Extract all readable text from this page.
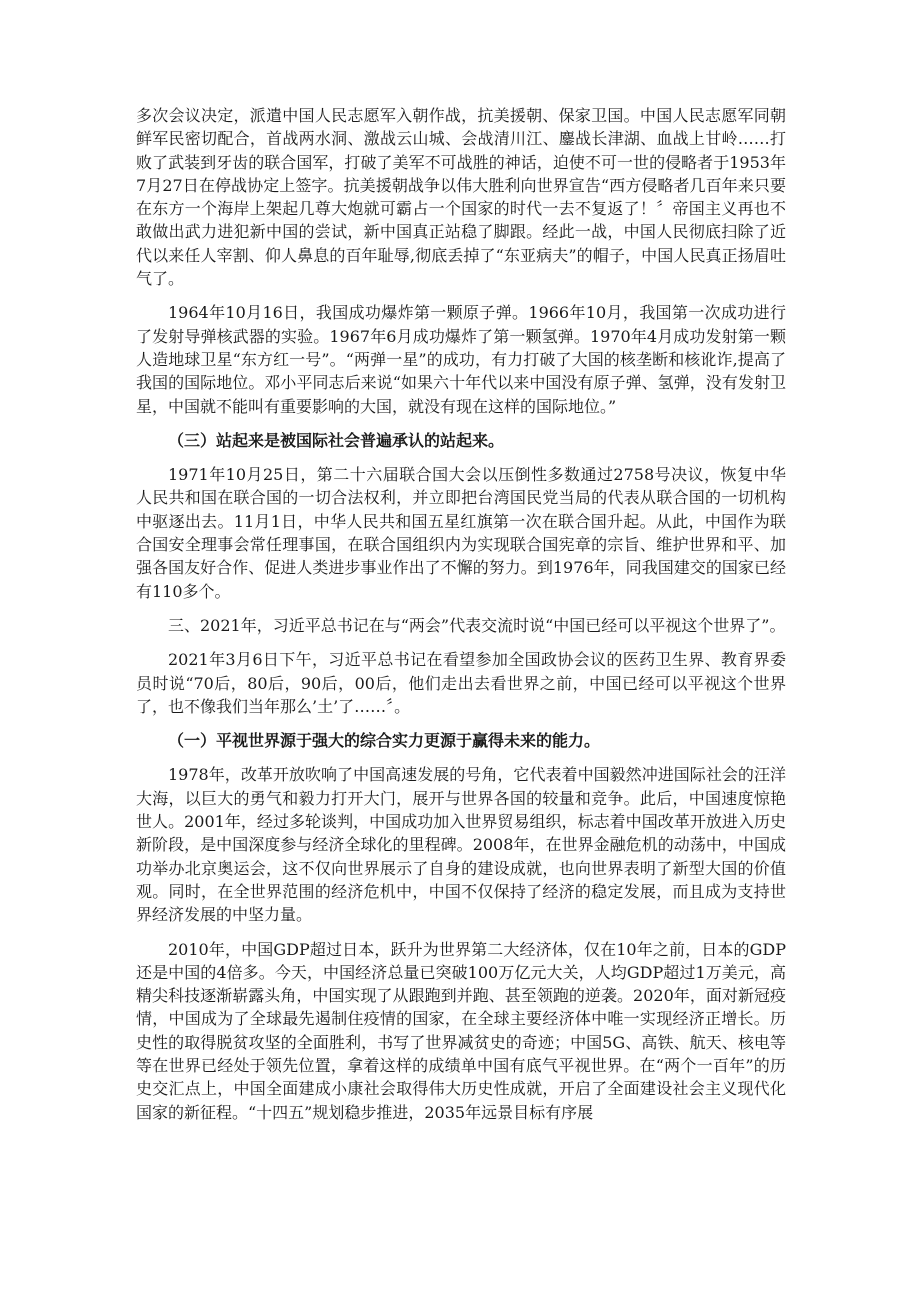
多次会议决定，派遣中国人民志愿军入朝作战，抗美援朝、保家卫国。中国人民志愿军同朝鲜军民密切配合，首战两水洞、激战云山城、会战清川江、鏖战长津湖、血战上甘岭……打败了武装到牙齿的联合国军，打破了美军不可战胜的神话，迫使不可一世的侵略者于1953年7月27日在停战协定上签字。抗美援朝战争以伟大胜利向世界宣告“西方侵略者几百年来只要在东方一个海岸上架起几尊大炮就可霸占一个国家的时代一去不复返了！〞帝国主义再也不敢做出武力进犯新中国的尝试，新中国真正站稳了脚跟。经此一战，中国人民彻底扫除了近代以来任人宰割、仰人鼻息的百年耻辱,彻底丢掉了“东亚病夫”的帽子，中国人民真正扬眉吐气了。

1964年10月16日，我国成功爆炸第一颗原子弹。1966年10月，我国第一次成功进行了发射导弹核武器的实验。1967年6月成功爆炸了第一颗氢弹。1970年4月成功发射第一颗人造地球卫星“东方红一号”。“两弹一星”的成功，有力打破了大国的核垄断和核讹诈,提高了我国的国际地位。邓小平同志后来说“如果六十年代以来中国没有原子弹、氢弹，没有发射卫星，中国就不能叫有重要影响的大国，就没有现在这样的国际地位。”

（三）站起来是被国际社会普遍承认的站起来。

1971年10月25日，第二十六届联合国大会以压倒性多数通过2758号决议，恢复中华人民共和国在联合国的一切合法权利，并立即把台湾国民党当局的代表从联合国的一切机构中驱逐出去。11月1日，中华人民共和国五星红旗第一次在联合国升起。从此，中国作为联合国安全理事会常任理事国，在联合国组织内为实现联合国宪章的宗旨、维护世界和平、加强各国友好合作、促进人类进步事业作出了不懈的努力。到1976年，同我国建交的国家已经有110多个。

三、2021年，习近平总书记在与“两会”代表交流时说“中国已经可以平视这个世界了”。

2021年3月6日下午，习近平总书记在看望参加全国政协会议的医药卫生界、教育界委员时说“70后，80后，90后，00后，他们走出去看世界之前，中国已经可以平视这个世界了，也不像我们当年那么’土’了……〞。

（一）平视世界源于强大的综合实力更源于赢得未来的能力。

1978年，改革开放吹响了中国高速发展的号角，它代表着中国毅然冲进国际社会的汪洋大海，以巨大的勇气和毅力打开大门，展开与世界各国的较量和竞争。此后，中国速度惊艳世人。2001年，经过多轮谈判，中国成功加入世界贸易组织，标志着中国改革开放进入历史新阶段，是中国深度参与经济全球化的里程碑。2008年，在世界金融危机的动荡中，中国成功举办北京奥运会，这不仅向世界展示了自身的建设成就，也向世界表明了新型大国的价值观。同时，在全世界范围的经济危机中，中国不仅保持了经济的稳定发展，而且成为支持世界经济发展的中坚力量。

2010年，中国GDP超过日本，跃升为世界第二大经济体，仅在10年之前，日本的GDP还是中国的4倍多。今天，中国经济总量已突破100万亿元大关，人均GDP超过1万美元，高精尖科技逐渐崭露头角，中国实现了从跟跑到并跑、甚至领跑的逆袭。2020年，面对新冠疫情，中国成为了全球最先遏制住疫情的国家，在全球主要经济体中唯一实现经济正增长。历史性的取得脱贫攻坚的全面胜利，书写了世界减贫史的奇迹；中国5G、高铁、航天、核电等等在世界已经处于领先位置，拿着这样的成绩单中国有底气平视世界。在“两个一百年”的历史交汇点上，中国全面建成小康社会取得伟大历史性成就，开启了全面建设社会主义现代化国家的新征程。“十四五”规划稳步推进，2035年远景目标有序展
